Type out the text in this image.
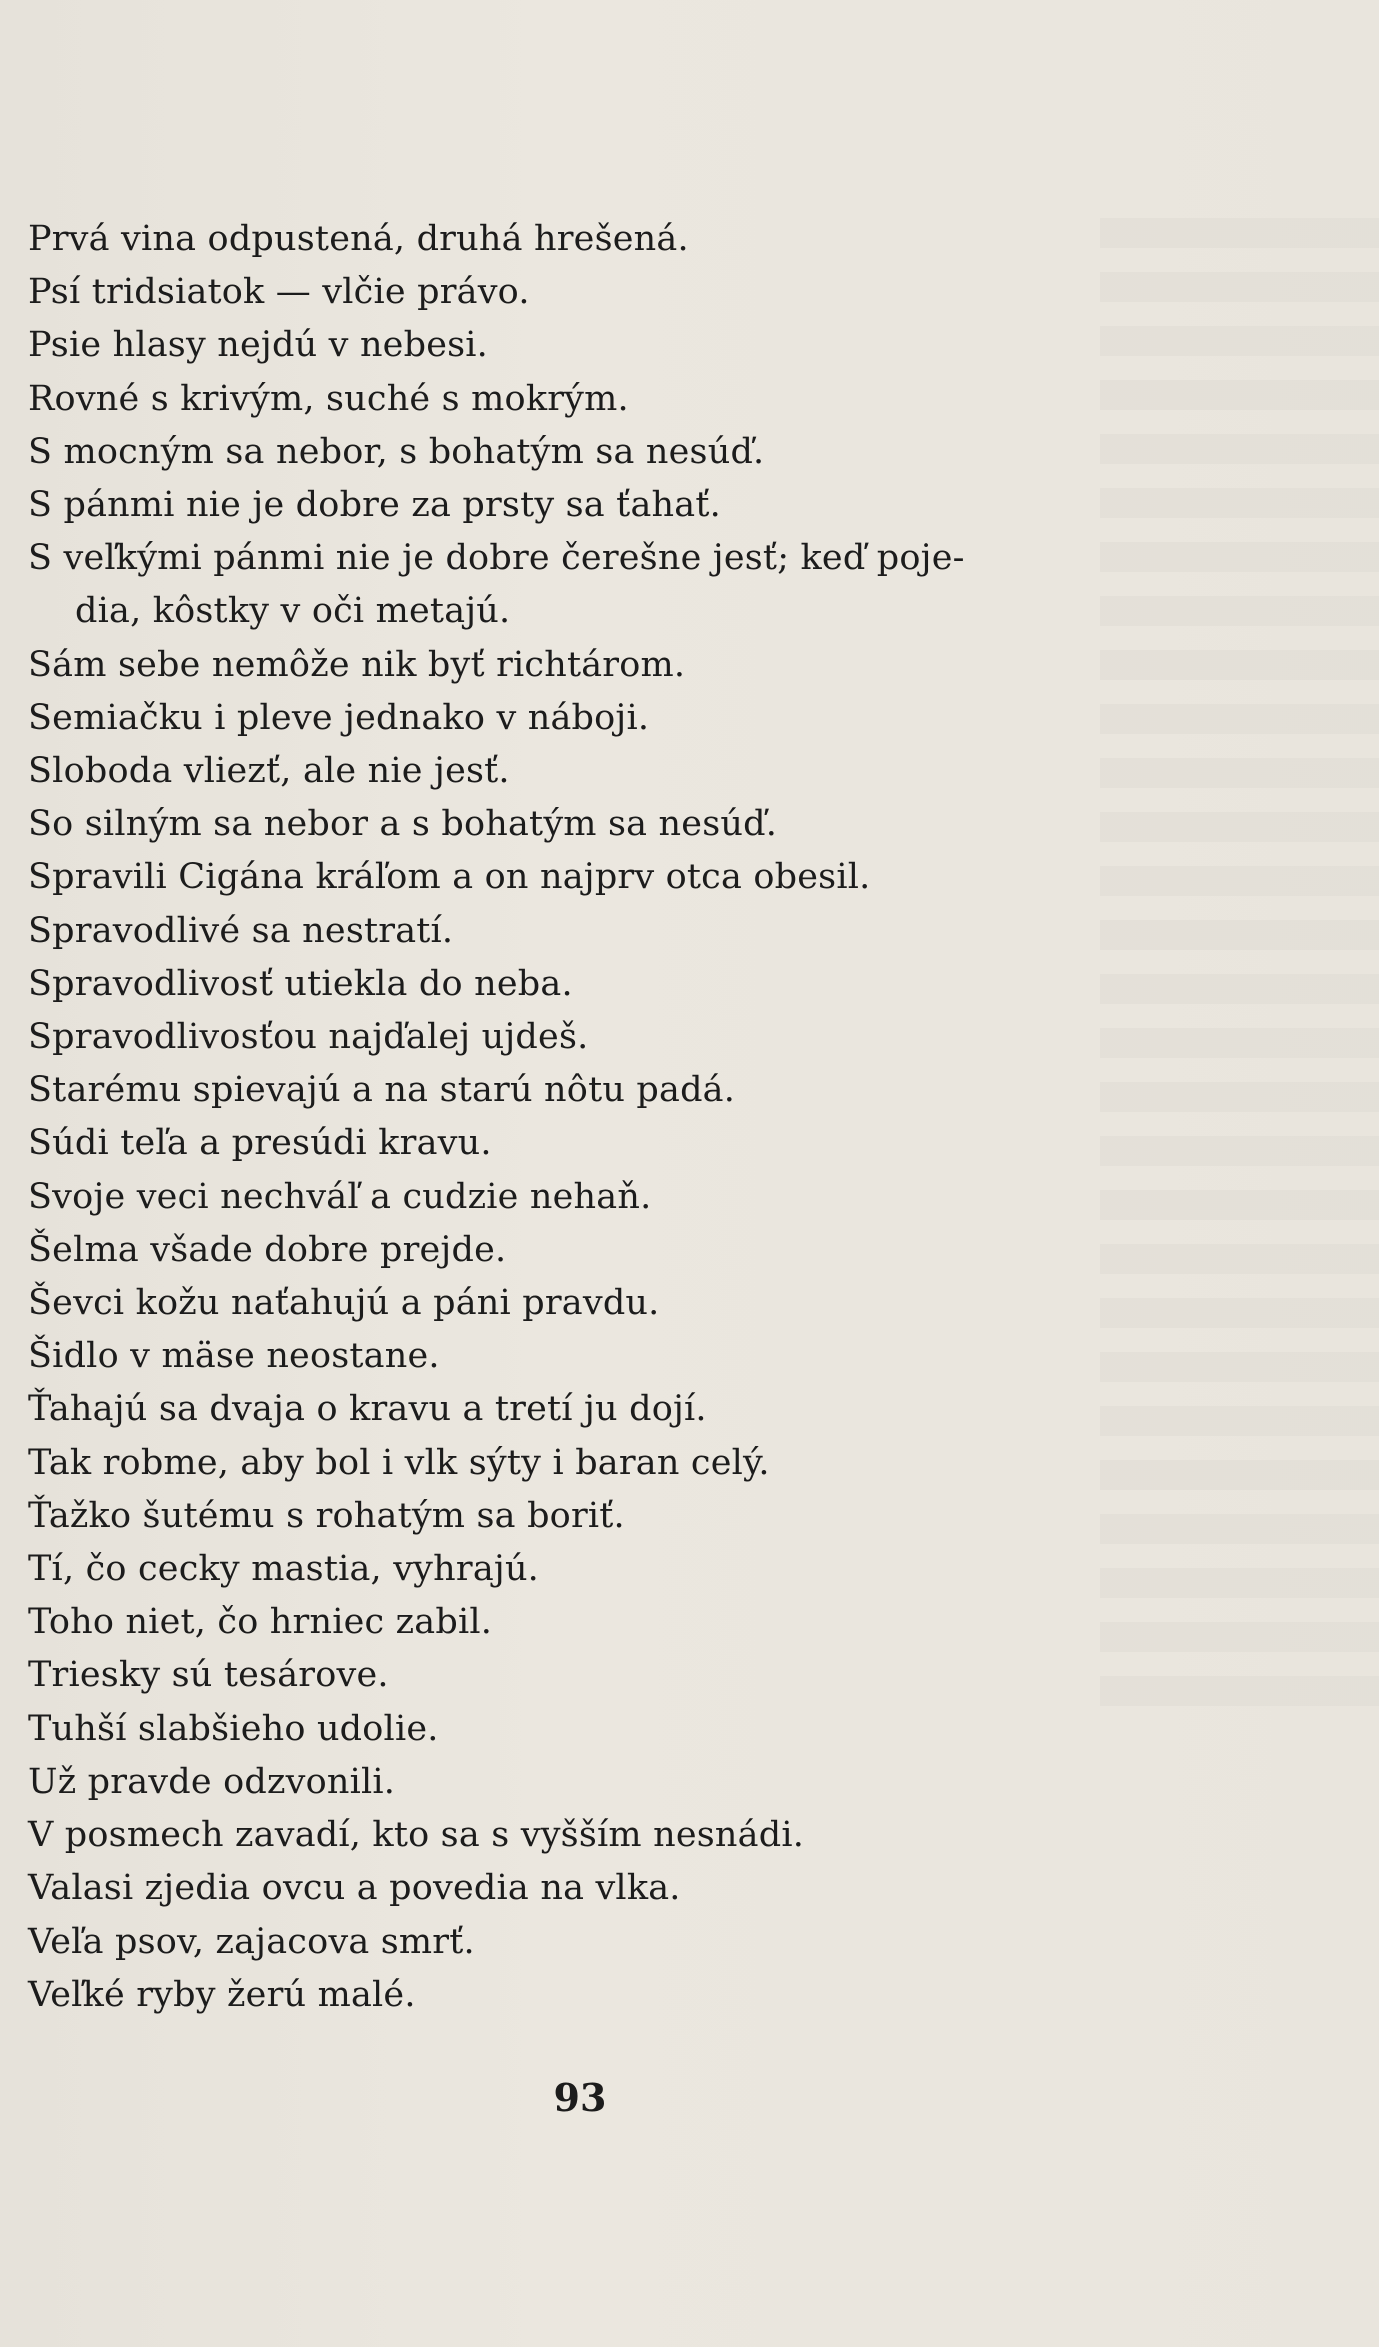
Prvá vina odpustená, druhá hrešená.
Psí tridsiatok — vlčie právo.
Psie hlasy nejdú v nebesi.
Rovné s krivým, suché s mokrým.
S mocným sa nebor, s bohatým sa nesúď.
S pánmi nie je dobre za prsty sa ťahať.
S veľkými pánmi nie je dobre čerešne jesť; keď poje-
dia, kôstky v oči metajú.
Sám sebe nemôže nik byť richtárom.
Semiačku i pleve jednako v náboji.
Sloboda vliezť, ale nie jesť.
So silným sa nebor a s bohatým sa nesúď.
Spravili Cigána kráľom a on najprv otca obesil.
Spravodlivé sa nestratí.
Spravodlivosť utiekla do neba.
Spravodlivosťou najďalej ujdeš.
Starému spievajú a na starú nôtu padá.
Súdi teľa a presúdi kravu.
Svoje veci nechváľ a cudzie nehaň.
Šelma všade dobre prejde.
Ševci kožu naťahujú a páni pravdu.
Šidlo v mäse neostane.
Ťahajú sa dvaja o kravu a tretí ju dojí.
Tak robme, aby bol i vlk sýty i baran celý.
Ťažko šutému s rohatým sa boriť.
Tí, čo cecky mastia, vyhrajú.
Toho niet, čo hrniec zabil.
Triesky sú tesárove.
Tuhší slabšieho udolie.
Už pravde odzvonili.
V posmech zavadí, kto sa s vyšším nesnádi.
Valasi zjedia ovcu a povedia na vlka.
Veľa psov, zajacova smrť.
Veľké ryby žerú malé.
93
